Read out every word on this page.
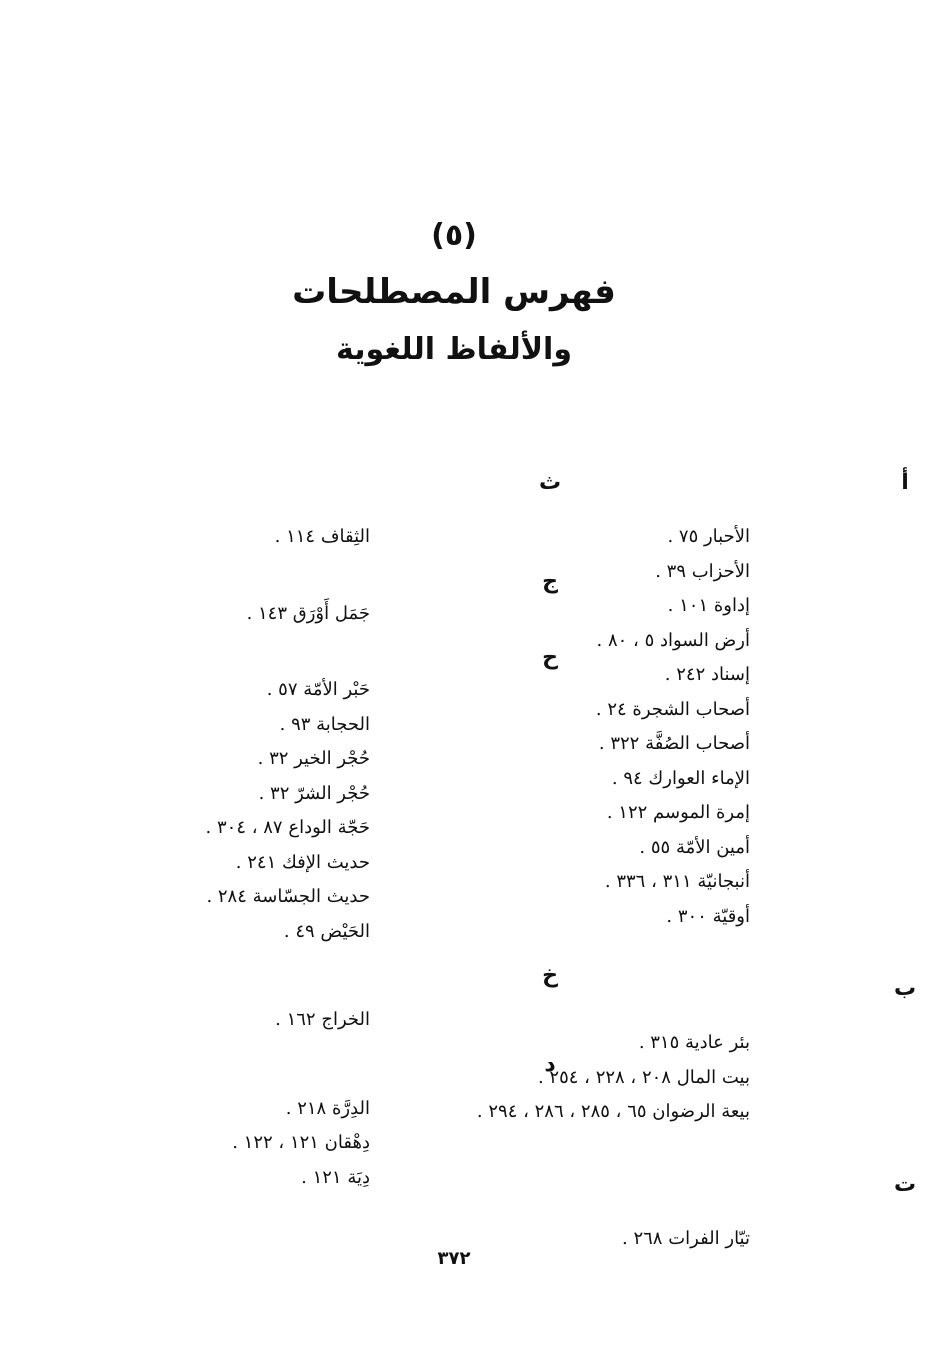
(٥)
فهرس المصطلحات
والألفاظ اللغوية
أ
الأحبار ٧٥ .
الأحزاب ٣٩ .
إداوة ١٠١ .
أرض السواد ٥ ، ٨٠ .
إسناد ٢٤٢ .
أصحاب الشجرة ٢٤ .
أصحاب الصُفَّة ٣٢٢ .
الإماء العوارك ٩٤ .
إمرة الموسم ١٢٢ .
أمين الأمّة ٥٥ .
أنبجانيّة ٣١١ ، ٣٣٦ .
أوقيّة ٣٠٠ .
ب
بئر عادية ٣١٥ .
بيت المال ٢٠٨ ، ٢٢٨ ، ٢٥٤ .
بيعة الرضوان ٦٥ ، ٢٨٥ ، ٢٨٦ ، ٢٩٤ .
ت
تيّار الفرات ٢٦٨ .
ث
الثِقاف ١١٤ .
ج
جَمَل أَوْرَق ١٤٣ .
ح
حَبْر الأمّة ٥٧ .
الحجابة ٩٣ .
حُجْر الخير ٣٢ .
حُجْر الشرّ ٣٢ .
حَجّة الوداع ٨٧ ، ٣٠٤ .
حديث الإفك ٢٤١ .
حديث الجسّاسة ٢٨٤ .
الحَيْض ٤٩ .
خ
الخراج ١٦٢ .
د
الدِرَّة ٢١٨ .
دِهْقان ١٢١ ، ١٢٢ .
دِيَة ١٢١ .
٣٧٢
